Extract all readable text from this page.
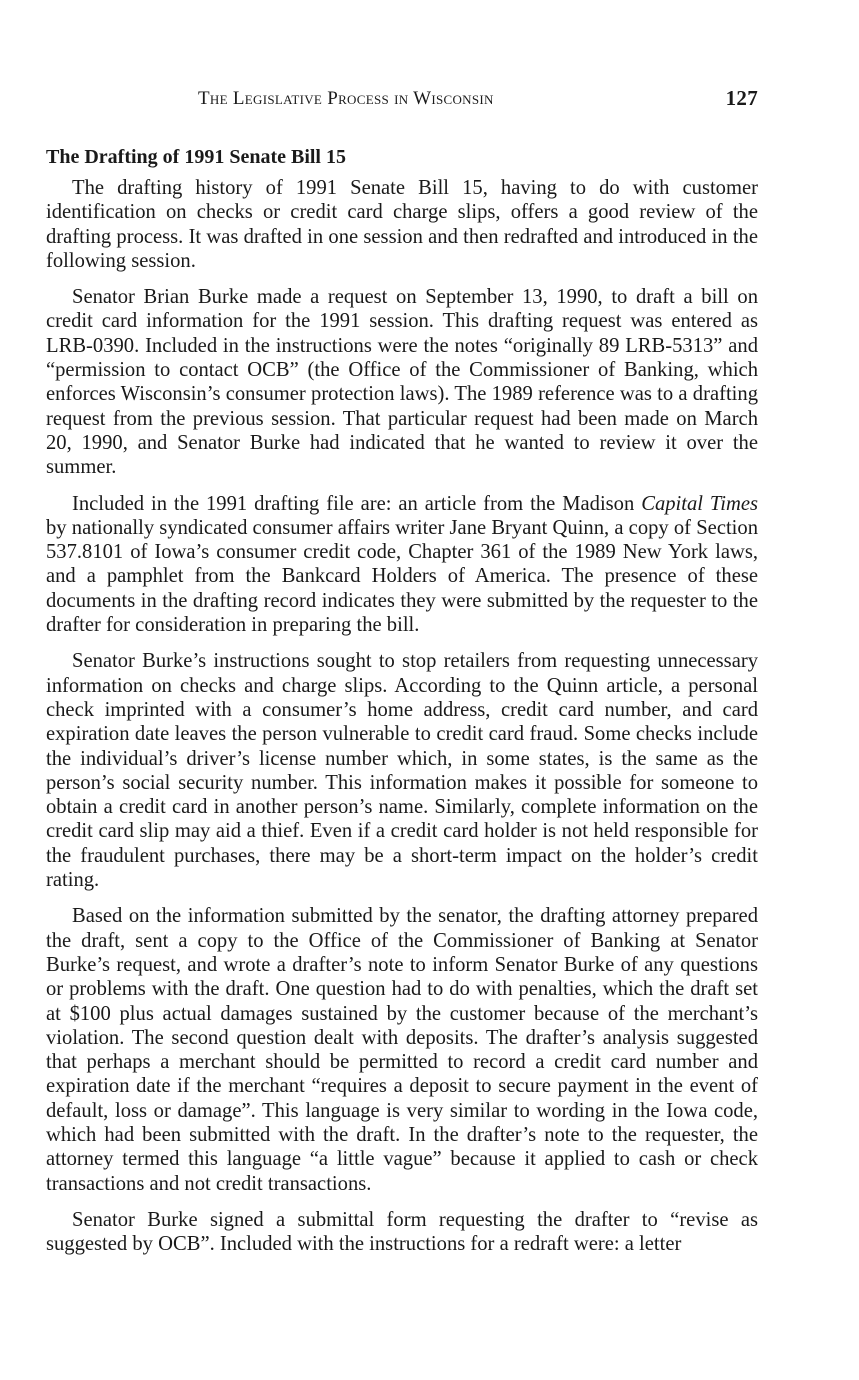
The Legislative Process in Wisconsin	127
The Drafting of 1991 Senate Bill 15

The drafting history of 1991 Senate Bill 15, having to do with customer identification on checks or credit card charge slips, offers a good review of the drafting process. It was drafted in one session and then redrafted and introduced in the following session.

Senator Brian Burke made a request on September 13, 1990, to draft a bill on credit card information for the 1991 session. This drafting request was entered as LRB-0390. Included in the instructions were the notes “originally 89 LRB-5313” and “permission to contact OCB” (the Office of the Commissioner of Banking, which enforces Wisconsin’s consumer protection laws). The 1989 reference was to a drafting request from the previous session. That particular request had been made on March 20, 1990, and Senator Burke had indicated that he wanted to review it over the summer.

Included in the 1991 drafting file are: an article from the Madison Capital Times by nationally syndicated consumer affairs writer Jane Bryant Quinn, a copy of Section 537.8101 of Iowa’s consumer credit code, Chapter 361 of the 1989 New York laws, and a pamphlet from the Bankcard Holders of America. The presence of these documents in the drafting record indicates they were submitted by the requester to the drafter for consideration in preparing the bill.

Senator Burke’s instructions sought to stop retailers from requesting unnecessary information on checks and charge slips. According to the Quinn article, a personal check imprinted with a consumer’s home address, credit card number, and card expiration date leaves the person vulnerable to credit card fraud. Some checks include the individual’s driver’s license number which, in some states, is the same as the person’s social security number. This information makes it possible for someone to obtain a credit card in another person’s name. Similarly, complete information on the credit card slip may aid a thief. Even if a credit card holder is not held responsible for the fraudulent purchases, there may be a short-term impact on the holder’s credit rating.

Based on the information submitted by the senator, the drafting attorney prepared the draft, sent a copy to the Office of the Commissioner of Banking at Senator Burke’s request, and wrote a drafter’s note to inform Senator Burke of any questions or problems with the draft. One question had to do with penalties, which the draft set at $100 plus actual damages sustained by the customer because of the merchant’s violation. The second question dealt with deposits. The drafter’s analysis suggested that perhaps a merchant should be permitted to record a credit card number and expiration date if the merchant “requires a deposit to secure payment in the event of default, loss or damage”. This language is very similar to wording in the Iowa code, which had been submitted with the draft. In the drafter’s note to the requester, the attorney termed this language “a little vague” because it applied to cash or check transactions and not credit transactions.

Senator Burke signed a submittal form requesting the drafter to “revise as suggested by OCB”. Included with the instructions for a redraft were: a letter
